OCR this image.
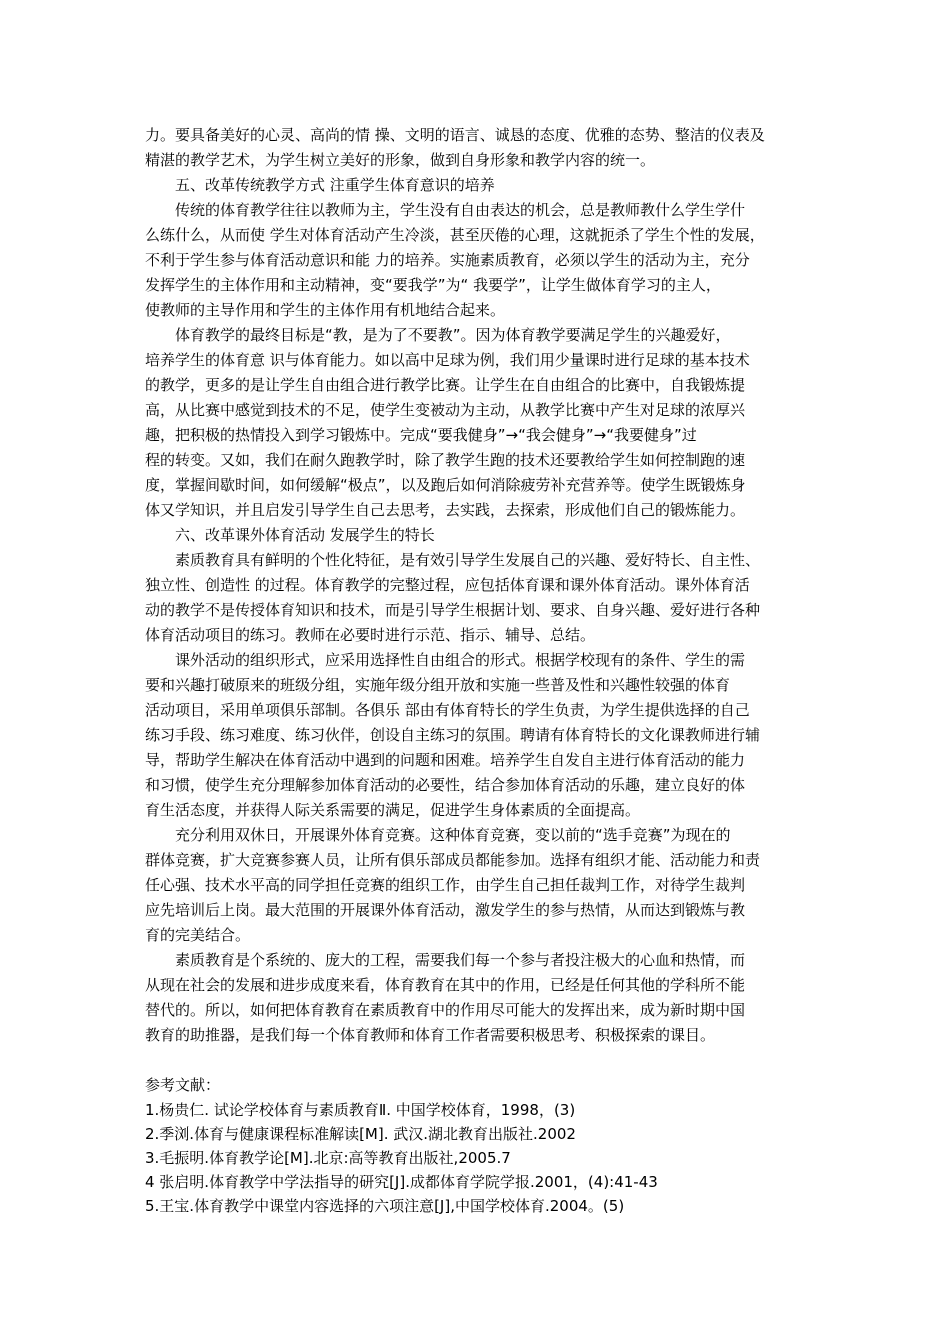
力。要具备美好的心灵、高尚的情 操、文明的语言、诚恳的态度、优雅的态势、整洁的仪表及
精湛的教学艺术，为学生树立美好的形象，做到自身形象和教学内容的统一。
五、改革传统教学方式 注重学生体育意识的培养
传统的体育教学往往以教师为主，学生没有自由表达的机会，总是教师教什么学生学什
么练什么，从而使 学生对体育活动产生冷淡，甚至厌倦的心理，这就扼杀了学生个性的发展，
不利于学生参与体育活动意识和能 力的培养。实施素质教育，必须以学生的活动为主，充分
发挥学生的主体作用和主动精神，变“要我学”为“ 我要学”，让学生做体育学习的主人，
使教师的主导作用和学生的主体作用有机地结合起来。
体育教学的最终目标是“教，是为了不要教”。因为体育教学要满足学生的兴趣爱好，
培养学生的体育意 识与体育能力。如以高中足球为例，我们用少量课时进行足球的基本技术
的教学，更多的是让学生自由组合进行教学比赛。让学生在自由组合的比赛中，自我锻炼提
高，从比赛中感觉到技术的不足，使学生变被动为主动，从教学比赛中产生对足球的浓厚兴
趣，把积极的热情投入到学习锻炼中。完成“要我健身”→“我会健身”→“我要健身”过
程的转变。又如，我们在耐久跑教学时，除了教学生跑的技术还要教给学生如何控制跑的速
度，掌握间歇时间，如何缓解“极点”，以及跑后如何消除疲劳补充营养等。使学生既锻炼身
体又学知识，并且启发引导学生自己去思考，去实践，去探索，形成他们自己的锻炼能力。
六、改革课外体育活动 发展学生的特长
素质教育具有鲜明的个性化特征，是有效引导学生发展自己的兴趣、爱好特长、自主性、
独立性、创造性 的过程。体育教学的完整过程，应包括体育课和课外体育活动。课外体育活
动的教学不是传授体育知识和技术，而是引导学生根据计划、要求、自身兴趣、爱好进行各种
体育活动项目的练习。教师在必要时进行示范、指示、辅导、总结。
课外活动的组织形式，应采用选择性自由组合的形式。根据学校现有的条件、学生的需
要和兴趣打破原来的班级分组，实施年级分组开放和实施一些普及性和兴趣性较强的体育
活动项目，采用单项俱乐部制。各俱乐 部由有体育特长的学生负责，为学生提供选择的自己
练习手段、练习难度、练习伙伴，创设自主练习的氛围。聘请有体育特长的文化课教师进行辅
导，帮助学生解决在体育活动中遇到的问题和困难。培养学生自发自主进行体育活动的能力
和习惯，使学生充分理解参加体育活动的必要性，结合参加体育活动的乐趣，建立良好的体
育生活态度，并获得人际关系需要的满足，促进学生身体素质的全面提高。
充分利用双休日，开展课外体育竞赛。这种体育竞赛，变以前的“选手竞赛”为现在的
群体竞赛，扩大竞赛参赛人员，让所有俱乐部成员都能参加。选择有组织才能、活动能力和责
任心强、技术水平高的同学担任竞赛的组织工作，由学生自己担任裁判工作，对待学生裁判
应先培训后上岗。最大范围的开展课外体育活动，激发学生的参与热情，从而达到锻炼与教
育的完美结合。
素质教育是个系统的、庞大的工程，需要我们每一个参与者投注极大的心血和热情，而
从现在社会的发展和进步成度来看，体育教育在其中的作用，已经是任何其他的学科所不能
替代的。所以，如何把体育教育在素质教育中的作用尽可能大的发挥出来，成为新时期中国
教育的助推器，是我们每一个体育教师和体育工作者需要积极思考、积极探索的课目。
参考文献：
1.杨贵仁. 试论学校体育与素质教育Ⅱ. 中国学校体育，1998，(3)
2.季浏.体育与健康课程标准解读[M]. 武汉.湖北教育出版社.2002
3.毛振明.体育教学论[M].北京:高等教育出版社,2005.7
4 张启明.体育教学中学法指导的研究[J].成都体育学院学报.2001，(4):41-43
5.王宝.体育教学中课堂内容选择的六项注意[J],中国学校体育.2004。(5)
